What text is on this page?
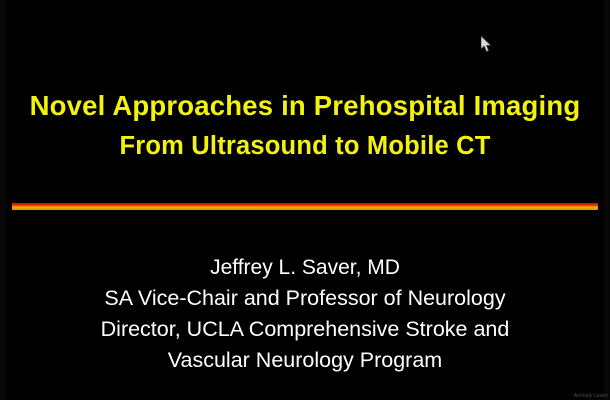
Novel Approaches in Prehospital Imaging
From Ultrasound to Mobile CT
Jeffrey L. Saver, MD
SA Vice-Chair and Professor of Neurology
Director, UCLA Comprehensive Stroke and
Vascular Neurology Program
Actively Learn
